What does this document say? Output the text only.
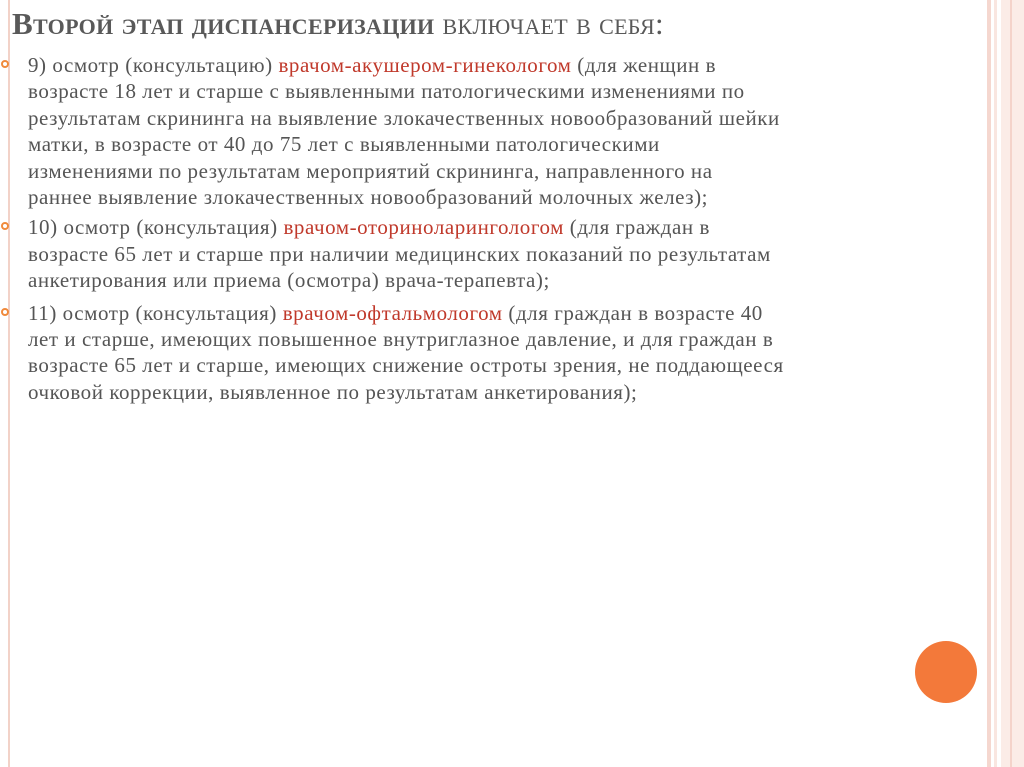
Второй этап диспансеризации включает в себя:
9) осмотр (консультацию) врачом-акушером-гинекологом (для женщин в
возрасте 18 лет и старше с выявленными патологическими изменениями по
результатам скрининга на выявление злокачественных новообразований шейки
матки, в возрасте от 40 до 75 лет с выявленными патологическими
изменениями по результатам мероприятий скрининга, направленного на
раннее выявление злокачественных новообразований молочных желез);
10) осмотр (консультация) врачом-оториноларингологом (для граждан в
возрасте 65 лет и старше при наличии медицинских показаний по результатам
анкетирования или приема (осмотра) врача-терапевта);
11) осмотр (консультация) врачом-офтальмологом (для граждан в возрасте 40
лет и старше, имеющих повышенное внутриглазное давление, и для граждан в
возрасте 65 лет и старше, имеющих снижение остроты зрения, не поддающееся
очковой коррекции, выявленное по результатам анкетирования);
